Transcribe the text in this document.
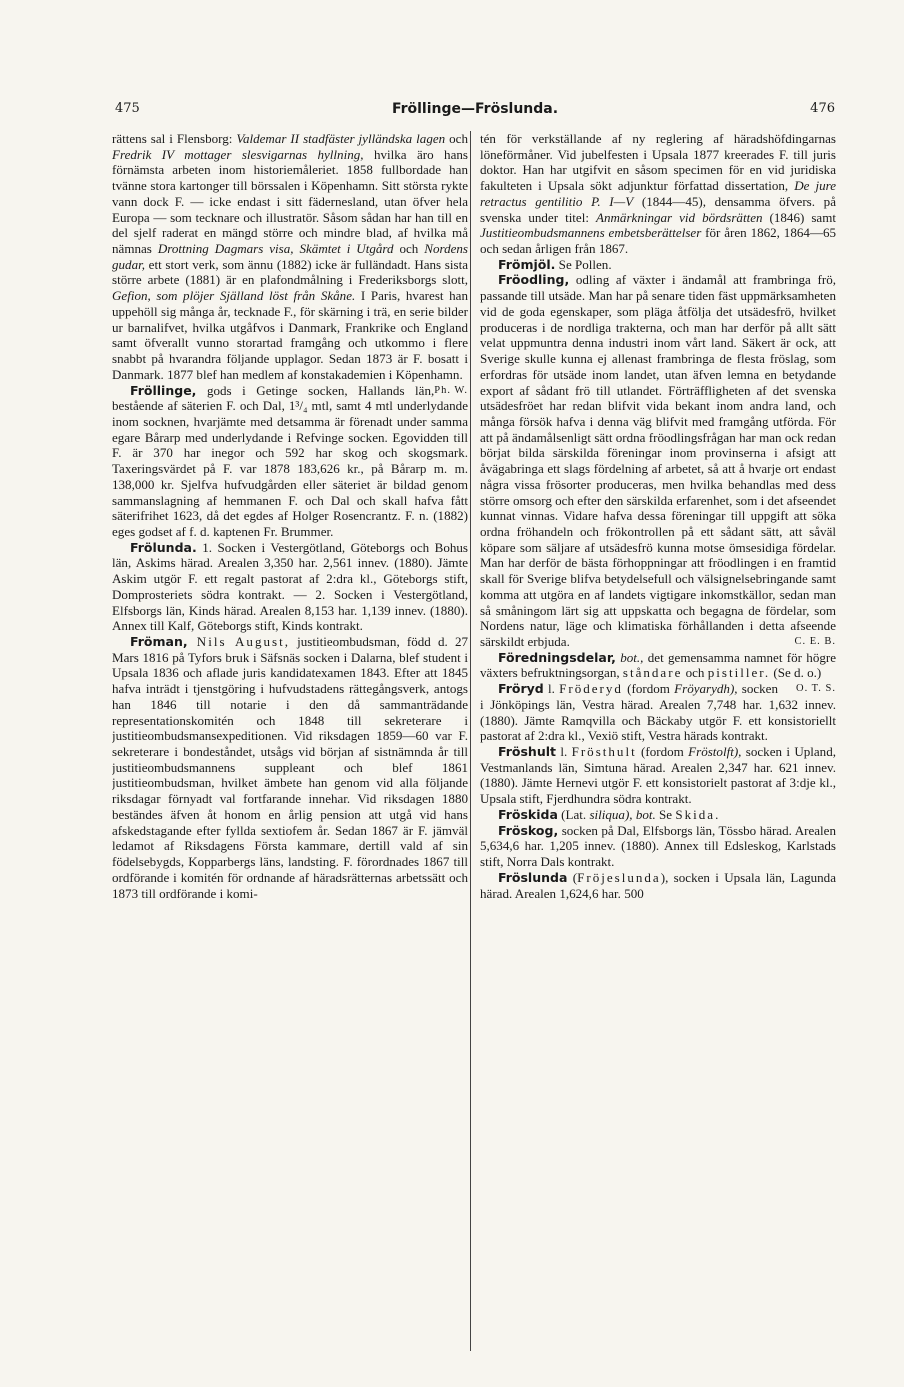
475	Fröllinge—Fröslunda.	476

rättens sal i Flensborg: Valdemar II stadfäster jylländska lagen och Fredrik IV mottager slesvigarnas hyllning, hvilka äro hans förnämsta arbeten inom historiemåleriet. 1858 fullbordade han tvänne stora kartonger till börssalen i Köpenhamn. Sitt största rykte vann dock F. — icke endast i sitt fädernesland, utan öfver hela Europa — som tecknare och illustratör. Såsom sådan har han till en del sjelf raderat en mängd större och mindre blad, af hvilka må nämnas Drottning Dagmars visa, Skämtet i Utgård och Nordens gudar, ett stort verk, som ännu (1882) icke är fulländadt. Hans sista större arbete (1881) är en plafondmålning i Frederiksborgs slott, Gefion, som plöjer Själland löst från Skåne. I Paris, hvarest han uppehöll sig många år, tecknade F., för skärning i trä, en serie bilder ur barnalifvet, hvilka utgåfvos i Danmark, Frankrike och England samt öfverallt vunno storartad framgång och utkommo i flere snabbt på hvarandra följande upplagor. Sedan 1873 är F. bosatt i Danmark. 1877 blef han medlem af konstakademien i Köpenhamn.
Ph. W.

Fröllinge, gods i Getinge socken, Hallands län, bestående af säterien F. och Dal, 1³/₄ mtl, samt 4 mtl underlydande inom socknen, hvarjämte med detsamma är förenadt under samma egare Bårarp med underlydande i Refvinge socken. Egovidden till F. är 370 har inegor och 592 har skog och skogsmark. Taxeringsvärdet på F. var 1878 183,626 kr., på Bårarp m. m. 138,000 kr. Sjelfva hufvudgården eller säteriet är bildad genom sammanslagning af hemmanen F. och Dal och skall hafva fått säterifrihet 1623, då det egdes af Holger Rosencrantz. F. n. (1882) eges godset af f. d. kaptenen Fr. Brummer.

Frölunda. 1. Socken i Vestergötland, Göteborgs och Bohus län, Askims härad. Arealen 3,350 har. 2,561 innev. (1880). Jämte Askim utgör F. ett regalt pastorat af 2:dra kl., Göteborgs stift, Domprosteriets södra kontrakt. — 2. Socken i Vestergötland, Elfsborgs län, Kinds härad. Arealen 8,153 har. 1,139 innev. (1880). Annex till Kalf, Göteborgs stift, Kinds kontrakt.

Fröman, Nils August, justitieombudsman, född d. 27 Mars 1816 på Tyfors bruk i Säfsnäs socken i Dalarna, blef student i Upsala 1836 och aflade juris kandidatexamen 1843. Efter att 1845 hafva inträdt i tjenstgöring i hufvudstadens rättegångsverk, antogs han 1846 till notarie i den då sammanträdande representationskomitén och 1848 till sekreterare i justitieombudsmansexpeditionen. Vid riksdagen 1859—60 var F. sekreterare i bondeståndet, utsågs vid början af sistnämnda år till justitieombudsmannens suppleant och blef 1861 justitieombudsman, hvilket ämbete han genom vid alla följande riksdagar förnyadt val fortfarande innehar. Vid riksdagen 1880 beständes äfven åt honom en årlig pension att utgå vid hans afskedstagande efter fyllda sextiofem år. Sedan 1867 är F. jämväl ledamot af Riksdagens Första kammare, dertill vald af sin födelsebygds, Kopparbergs läns, landsting. F. förordnades 1867 till ordförande i komitén för ordnande af häradsrätternas arbetssätt och 1873 till ordförande i komi-

tén för verkställande af ny reglering af häradshöfdingarnas löneförmåner. Vid jubelfesten i Upsala 1877 kreerades F. till juris doktor. Han har utgifvit en såsom specimen för en vid juridiska fakulteten i Upsala sökt adjunktur författad dissertation, De jure retractus gentilitio P. I—V (1844—45), densamma öfvers. på svenska under titel: Anmärkningar vid bördsrätten (1846) samt Justitieombudsmannens embetsberättelser för åren 1862, 1864—65 och sedan årligen från 1867.

Frömjöl. Se Pollen.

Fröodling, odling af växter i ändamål att frambringa frö, passande till utsäde. Man har på senare tiden fäst uppmärksamheten vid de goda egenskaper, som pläga åtfölja det utsädesfrö, hvilket produceras i de nordliga trakterna, och man har derför på allt sätt velat uppmuntra denna industri inom vårt land. Säkert är ock, att Sverige skulle kunna ej allenast frambringa de flesta fröslag, som erfordras för utsäde inom landet, utan äfven lemna en betydande export af sådant frö till utlandet. Förträffligheten af det svenska utsädesfröet har redan blifvit vida bekant inom andra land, och många försök hafva i denna väg blifvit med framgång utförda. För att på ändamålsenligt sätt ordna fröodlingsfrågan har man ock redan börjat bilda särskilda föreningar inom provinserna i afsigt att åvägabringa ett slags fördelning af arbetet, så att å hvarje ort endast några vissa frösorter produceras, men hvilka behandlas med dess större omsorg och efter den särskilda erfarenhet, som i det afseendet kunnat vinnas. Vidare hafva dessa föreningar till uppgift att söka ordna fröhandeln och frökontrollen på ett sådant sätt, att såväl köpare som säljare af utsädesfrö kunna motse ömsesidiga fördelar. Man har derför de bästa förhoppningar att fröodlingen i en framtid skall för Sverige blifva betydelsefull och välsignelsebringande samt komma att utgöra en af landets vigtigare inkomstkällor, sedan man så småningom lärt sig att uppskatta och begagna de fördelar, som Nordens natur, läge och klimatiska förhållanden i detta afseende särskildt erbjuda.	C. E. B.

Föredningsdelar, bot., det gemensamma namnet för högre växters befruktningsorgan, ståndare och pistiller. (Se d. o.)
O. T. S.

Fröryd l. Fröderyd (fordom Fröyarydh), socken i Jönköpings län, Vestra härad. Arealen 7,748 har. 1,632 innev. (1880). Jämte Ramqvilla och Bäckaby utgör F. ett konsistoriellt pastorat af 2:dra kl., Vexiö stift, Vestra härads kontrakt.

Fröshult l. Frösthult (fordom Fröstolft), socken i Upland, Vestmanlands län, Simtuna härad. Arealen 2,347 har. 621 innev. (1880). Jämte Hernevi utgör F. ett konsistorielt pastorat af 3:dje kl., Upsala stift, Fjerdhundra södra kontrakt.

Fröskida (Lat. siliqua), bot. Se Skida.

Fröskog, socken på Dal, Elfsborgs län, Tössbo härad. Arealen 5,634,6 har. 1,205 innev. (1880). Annex till Edsleskog, Karlstads stift, Norra Dals kontrakt.

Fröslunda (Fröjeslunda), socken i Upsala län, Lagunda härad. Arealen 1,624,6 har. 500
